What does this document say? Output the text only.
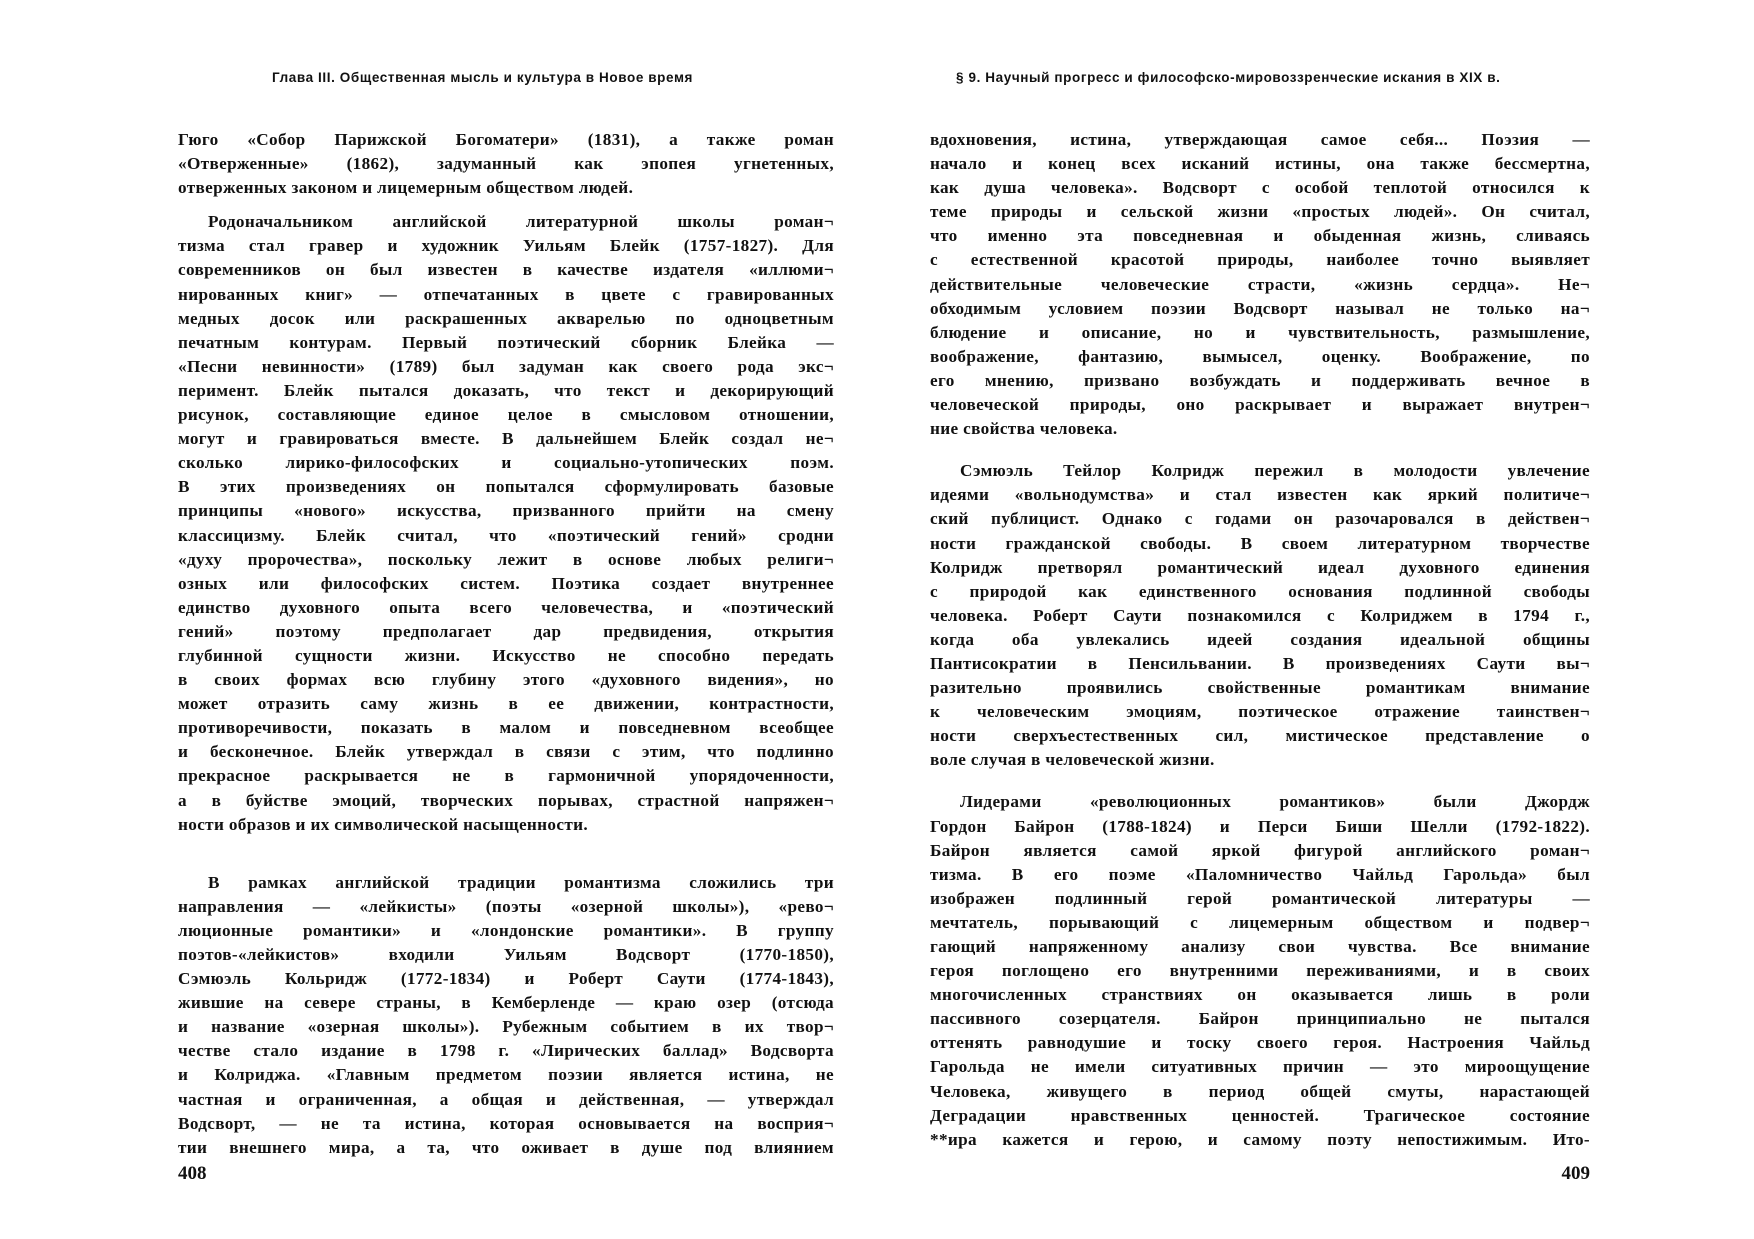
Глава III. Общественная мысль и культура в Новое время
Гюго «Собор Парижской Богоматери» (1831), а также роман
«Отверженные» (1862), задуманный как эпопея угнетенных,
отверженных законом и лицемерным обществом людей.
Родоначальником английской литературной школы роман¬
тизма стал гравер и художник Уильям Блейк (1757-1827). Для
современников он был известен в качестве издателя «иллюми¬
нированных книг» — отпечатанных в цвете с гравированных
медных досок или раскрашенных акварелью по одноцветным
печатным контурам. Первый поэтический сборник Блейка —
«Песни невинности» (1789) был задуман как своего рода экс¬
перимент. Блейк пытался доказать, что текст и декорирующий
рисунок, составляющие единое целое в смысловом отношении,
могут и гравироваться вместе. В дальнейшем Блейк создал не¬
сколько лирико-философских и социально-утопических поэм.
В этих произведениях он попытался сформулировать базовые
принципы «нового» искусства, призванного прийти на смену
классицизму. Блейк считал, что «поэтический гений» сродни
«духу пророчества», поскольку лежит в основе любых религи¬
озных или философских систем. Поэтика создает внутреннее
единство духовного опыта всего человечества, и «поэтический
гений» поэтому предполагает дар предвидения, открытия
глубинной сущности жизни. Искусство не способно передать
в своих формах всю глубину этого «духовного видения», но
может отразить саму жизнь в ее движении, контрастности,
противоречивости, показать в малом и повседневном всеобщее
и бесконечное. Блейк утверждал в связи с этим, что подлинно
прекрасное раскрывается не в гармоничной упорядоченности,
а в буйстве эмоций, творческих порывах, страстной напряжен¬
ности образов и их символической насыщенности.
В рамках английской традиции романтизма сложились три
направления — «лейкисты» (поэты «озерной школы»), «рево¬
люционные романтики» и «лондонские романтики». В группу
поэтов-«лейкистов» входили Уильям Водсворт (1770-1850),
Сэмюэль Кольридж (1772-1834) и Роберт Саути (1774-1843),
жившие на севере страны, в Кемберленде — краю озер (отсюда
и название «озерная школы»). Рубежным событием в их твор¬
честве стало издание в 1798 г. «Лирических баллад» Водсворта
и Колриджа. «Главным предметом поэзии является истина, не
частная и ограниченная, а общая и действенная, — утверждал
Водсворт, — не та истина, которая основывается на восприя¬
тии внешнего мира, а та, что оживает в душе под влиянием
408
§ 9. Научный прогресс и философско-мировоззренческие искания в XIX в.
вдохновения, истина, утверждающая самое себя... Поэзия —
начало и конец всех исканий истины, она также бессмертна,
как душа человека». Водсворт с особой теплотой относился к
теме природы и сельской жизни «простых людей». Он считал,
что именно эта повседневная и обыденная жизнь, сливаясь
с естественной красотой природы, наиболее точно выявляет
действительные человеческие страсти, «жизнь сердца». Не¬
обходимым условием поэзии Водсворт называл не только на¬
блюдение и описание, но и чувствительность, размышление,
воображение, фантазию, вымысел, оценку. Воображение, по
его мнению, призвано возбуждать и поддерживать вечное в
человеческой природы, оно раскрывает и выражает внутрен¬
ние свойства человека.
Сэмюэль Тейлор Колридж пережил в молодости увлечение
идеями «вольнодумства» и стал известен как яркий политиче¬
ский публицист. Однако с годами он разочаровался в действен¬
ности гражданской свободы. В своем литературном творчестве
Колридж претворял романтический идеал духовного единения
с природой как единственного основания подлинной свободы
человека. Роберт Саути познакомился с Колриджем в 1794 г.,
когда оба увлекались идеей создания идеальной общины
Пантисократии в Пенсильвании. В произведениях Саути вы¬
разительно проявились свойственные романтикам внимание
к человеческим эмоциям, поэтическое отражение таинствен¬
ности сверхъестественных сил, мистическое представление о
воле случая в человеческой жизни.
Лидерами «революционных романтиков» были Джордж
Гордон Байрон (1788-1824) и Перси Биши Шелли (1792-1822).
Байрон является самой яркой фигурой английского роман¬
тизма. В его поэме «Паломничество Чайльд Гарольда» был
изображен подлинный герой романтической литературы —
мечтатель, порывающий с лицемерным обществом и подвер¬
гающий напряженному анализу свои чувства. Все внимание
героя поглощено его внутренними переживаниями, и в своих
многочисленных странствиях он оказывается лишь в роли
пассивного созерцателя. Байрон принципиально не пытался
оттенять равнодушие и тоску своего героя. Настроения Чайльд
Гарольда не имели ситуативных причин — это мироощущение
Человека, живущего в период общей смуты, нарастающей
Деградации нравственных ценностей. Трагическое состояние
**ира кажется и герою, и самому поэту непостижимым. Ито-
409
